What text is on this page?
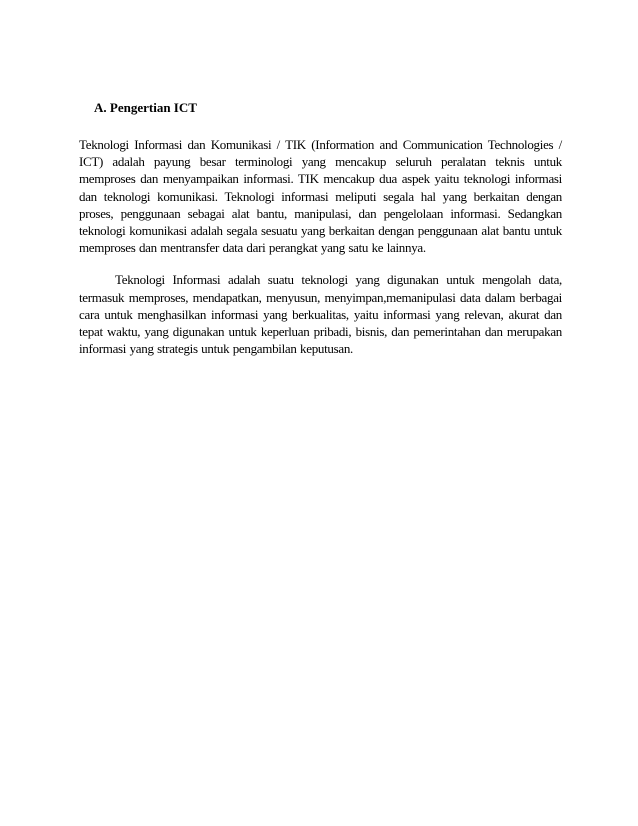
A. Pengertian ICT

Teknologi Informasi dan Komunikasi / TIK (Information and Communication Technologies / ICT) adalah payung besar terminologi yang mencakup seluruh peralatan teknis untuk memproses dan menyampaikan informasi. TIK mencakup dua aspek yaitu teknologi informasi dan teknologi komunikasi. Teknologi informasi meliputi segala hal yang berkaitan dengan proses, penggunaan sebagai alat bantu, manipulasi, dan pengelolaan informasi. Sedangkan teknologi komunikasi adalah segala sesuatu yang berkaitan dengan penggunaan alat bantu untuk memproses dan mentransfer data dari perangkat yang satu ke lainnya.

Teknologi Informasi adalah suatu teknologi yang digunakan untuk mengolah data, termasuk memproses, mendapatkan, menyusun, menyimpan,memanipulasi data dalam berbagai cara untuk menghasilkan informasi yang berkualitas, yaitu informasi yang relevan, akurat dan tepat waktu, yang digunakan untuk keperluan pribadi, bisnis, dan pemerintahan dan merupakan informasi yang strategis untuk pengambilan keputusan.
